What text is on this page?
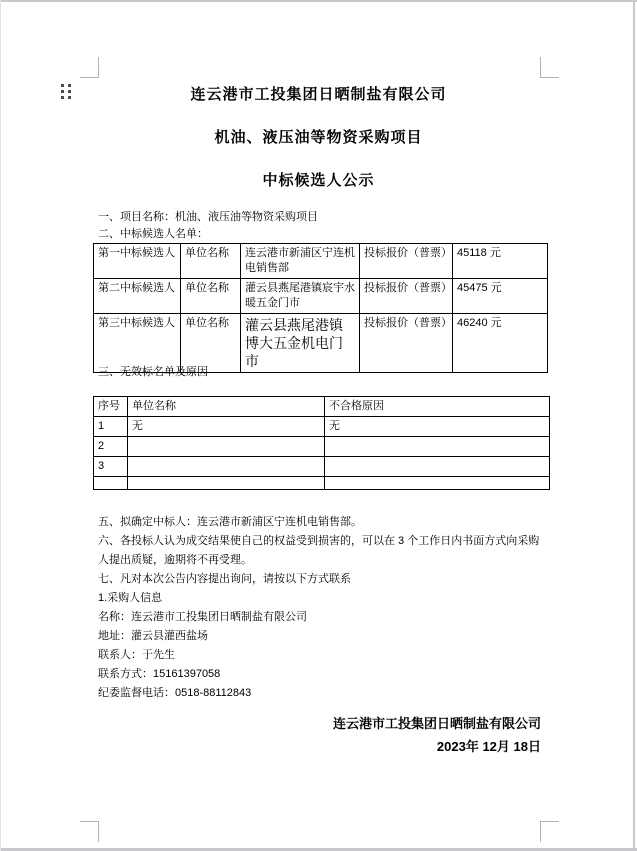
连云港市工投集团日晒制盐有限公司
机油、液压油等物资采购项目
中标候选人公示
一、项目名称：机油、液压油等物资采购项目
二、中标候选人名单：
第一中标候选人	单位名称	连云港市新浦区宁连机电销售部	投标报价（普票）	45118 元
第二中标候选人	单位名称	灌云县燕尾港镇宸宇水暖五金门市	投标报价（普票）	45475 元
第三中标候选人	单位名称	灌云县燕尾港镇博大五金机电门市	投标报价（普票）	46240 元
三、无效标名单及原因
序号	单位名称	不合格原因
1	无	无
2		
3		

五、拟确定中标人：连云港市新浦区宁连机电销售部。
六、各投标人认为成交结果使自己的权益受到损害的，可以在 3 个工作日内书面方式向采购人提出质疑，逾期将不再受理。
七、凡对本次公告内容提出询问，请按以下方式联系
1.采购人信息
名称：连云港市工投集团日晒制盐有限公司
地址：灌云县灌西盐场
联系人：于先生
联系方式：15161397058
纪委监督电话：0518-88112843
连云港市工投集团日晒制盐有限公司
2023年 12月 18日
